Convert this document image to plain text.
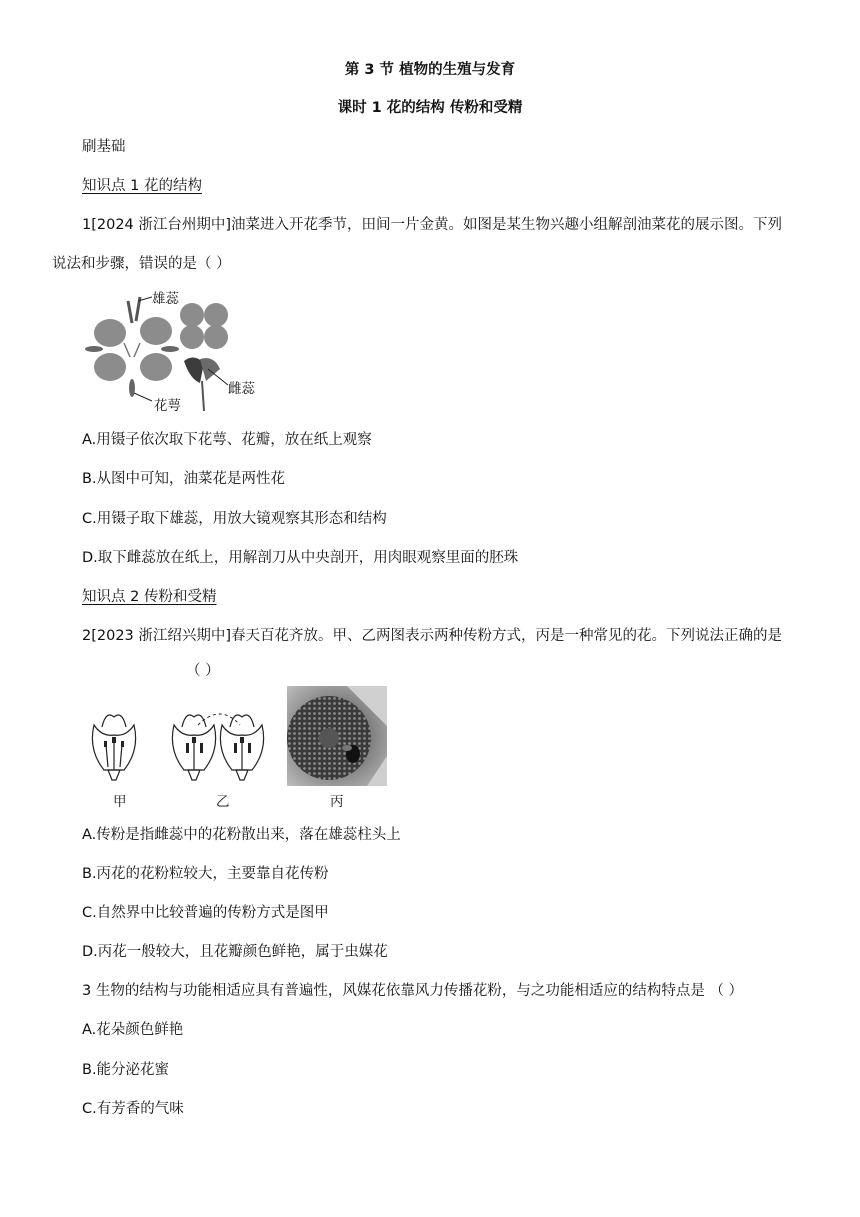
第 3 节 植物的生殖与发育
课时 1 花的结构 传粉和受精
刷基础
知识点 1 花的结构
1[2024 浙江台州期中]油菜进入开花季节，田间一片金黄。如图是某生物兴趣小组解剖油菜花的展示图。下列
说法和步骤，错误的是（ ）
雄蕊
雌蕊
花萼
A.用镊子依次取下花萼、花瓣，放在纸上观察
B.从图中可知，油菜花是两性花
C.用镊子取下雄蕊，用放大镜观察其形态和结构
D.取下雌蕊放在纸上，用解剖刀从中央剖开，用肉眼观察里面的胚珠
知识点 2 传粉和受精
2[2023 浙江绍兴期中]春天百花齐放。甲、乙两图表示两种传粉方式，丙是一种常见的花。下列说法正确的是
（ ）
甲	乙	丙
A.传粉是指雌蕊中的花粉散出来，落在雄蕊柱头上
B.丙花的花粉粒较大，主要靠自花传粉
C.自然界中比较普遍的传粉方式是图甲
D.丙花一般较大，且花瓣颜色鲜艳，属于虫媒花
3 生物的结构与功能相适应具有普遍性，风媒花依靠风力传播花粉，与之功能相适应的结构特点是 （ ）
A.花朵颜色鲜艳
B.能分泌花蜜
C.有芳香的气味
